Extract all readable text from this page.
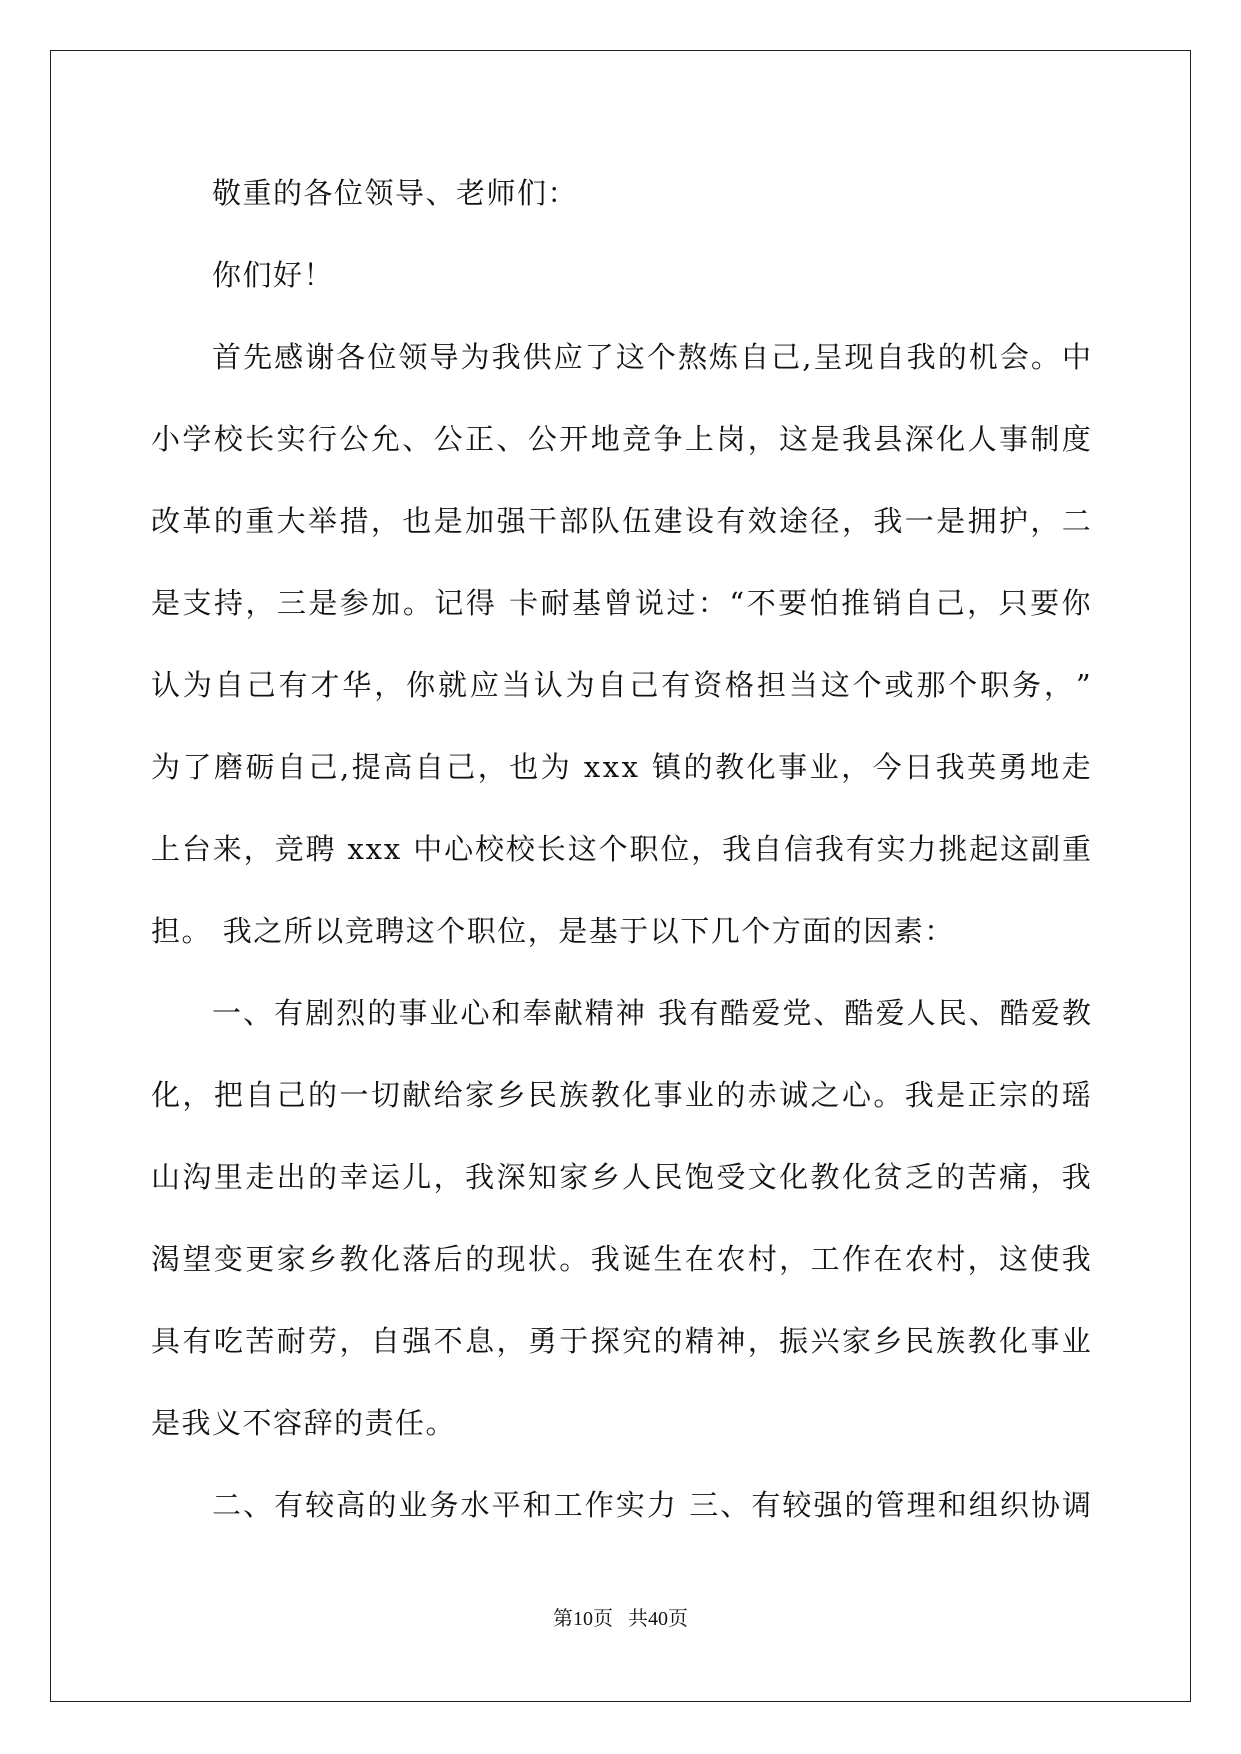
敬重的各位领导、老师们：
你们好！
首 先 感 谢 各 位 领 导 为 我 供 应 了 这 个 熬 炼 自 己 , 呈 现 自 我 的 机 会 。 中
小 学 校 长 实 行 公 允 、 公 正 、 公 开 地 竞 争 上 岗 ， 这 是 我 县 深 化 人 事 制 度
改 革 的 重 大 举 措 ， 也 是 加 强 干 部 队 伍 建 设 有 效 途 径 ， 我 一 是 拥 护 ， 二
是 支 持 ， 三 是 参 加 。 记 得
卡 耐 基 曾 说 过 ： “ 不 要 怕 推 销 自 己 ， 只 要 你
认 为 自 己 有 才 华 ， 你 就 应 当 认 为 自 己 有 资 格 担 当 这 个 或 那 个 职 务 ， ”
为 了 磨 砺 自 己 , 提 高 自 己 ， 也 为
x x x
镇 的 教 化 事 业 ， 今 日 我 英 勇 地 走
上 台 来 ， 竞 聘
x x x
中 心 校 校 长 这 个 职 位 ， 我 自 信 我 有 实 力 挑 起 这 副 重
担。 我之所以竞聘这个职位，是基于以下几个方面的因素：
一 、 有 剧 烈 的 事 业 心 和 奉 献 精 神
我 有 酷 爱 党 、 酷 爱 人 民 、 酷 爱 教
化 ， 把 自 己 的 一 切 献 给 家 乡 民 族 教 化 事 业 的 赤 诚 之 心 。 我 是 正 宗 的 瑶
山 沟 里 走 出 的 幸 运 儿 ， 我 深 知 家 乡 人 民 饱 受 文 化 教 化 贫 乏 的 苦 痛 ， 我
渴 望 变 更 家 乡 教 化 落 后 的 现 状 。 我 诞 生 在 农 村 ， 工 作 在 农 村 ， 这 使 我
具 有 吃 苦 耐 劳 ， 自 强 不 息 ， 勇 于 探 究 的 精 神 ， 振 兴 家 乡 民 族 教 化 事 业
是我义不容辞的责任。
二 、 有 较 高 的 业 务 水 平 和 工 作 实 力
三 、 有 较 强 的 管 理 和 组 织 协 调
第10页   共40页
